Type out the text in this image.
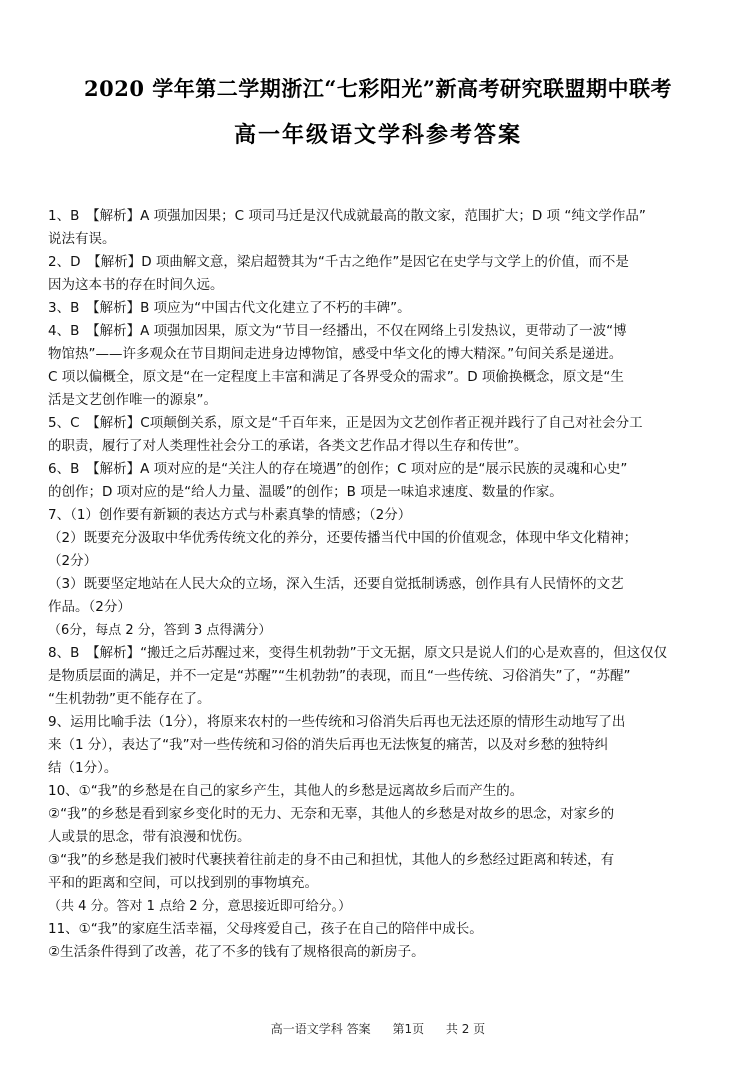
2020 学年第二学期浙江“七彩阳光”新高考研究联盟期中联考
高一年级语文学科参考答案

1、B　【解析】A 项强加因果；C 项司马迁是汉代成就最高的散文家，范围扩大；D 项 “纯文学作品”

说法有误。

2、D　【解析】D 项曲解文意，梁启超赞其为“千古之绝作”是因它在史学与文学上的价值，而不是

因为这本书的存在时间久远。

3、B　【解析】B 项应为“中国古代文化建立了不朽的丰碑”。

4、B　【解析】A 项强加因果，原文为“节目一经播出，不仅在网络上引发热议，更带动了一波“博

物馆热”——许多观众在节目期间走进身边博物馆，感受中华文化的博大精深。”句间关系是递进。

C 项以偏概全，原文是“在一定程度上丰富和满足了各界受众的需求”。D 项偷换概念，原文是“生

活是文艺创作唯一的源泉”。

5、C　【解析】C项颠倒关系，原文是“千百年来，正是因为文艺创作者正视并践行了自己对社会分工

的职责，履行了对人类理性社会分工的承诺，各类文艺作品才得以生存和传世”。

6、B　【解析】A 项对应的是“关注人的存在境遇”的创作；C 项对应的是“展示民族的灵魂和心史”

的创作；D 项对应的是“给人力量、温暖”的创作；B 项是一味追求速度、数量的作家。

7、（1）创作要有新颖的表达方式与朴素真挚的情感；（2分）

（2）既要充分汲取中华优秀传统文化的养分，还要传播当代中国的价值观念，体现中华文化精神；

（2分）

（3）既要坚定地站在人民大众的立场，深入生活，还要自觉抵制诱惑，创作具有人民情怀的文艺

作品。（2分）

（6分，每点 2 分，答到 3 点得满分）

8、B　【解析】“搬迁之后苏醒过来，变得生机勃勃”于文无据，原文只是说人们的心是欢喜的，但这仅仅

是物质层面的满足，并不一定是“苏醒”“生机勃勃”的表现，而且“一些传统、习俗消失”了，“苏醒”

“生机勃勃”更不能存在了。

9、运用比喻手法（1分），将原来农村的一些传统和习俗消失后再也无法还原的情形生动地写了出

来（1 分），表达了“我”对一些传统和习俗的消失后再也无法恢复的痛苦，以及对乡愁的独特纠

结（1分）。

10、①“我”的乡愁是在自己的家乡产生，其他人的乡愁是远离故乡后而产生的。

②“我”的乡愁是看到家乡变化时的无力、无奈和无辜，其他人的乡愁是对故乡的思念，对家乡的

人或景的思念，带有浪漫和忧伤。

③“我”的乡愁是我们被时代裹挟着往前走的身不由己和担忧，其他人的乡愁经过距离和转述，有

平和的距离和空间，可以找到别的事物填充。

（共 4 分。答对 1 点给 2 分，意思接近即可给分。）

11、①“我”的家庭生活幸福，父母疼爱自己，孩子在自己的陪伴中成长。

②生活条件得到了改善，花了不多的钱有了规格很高的新房子。

高一语文学科 答案 第1页 共 2 页
